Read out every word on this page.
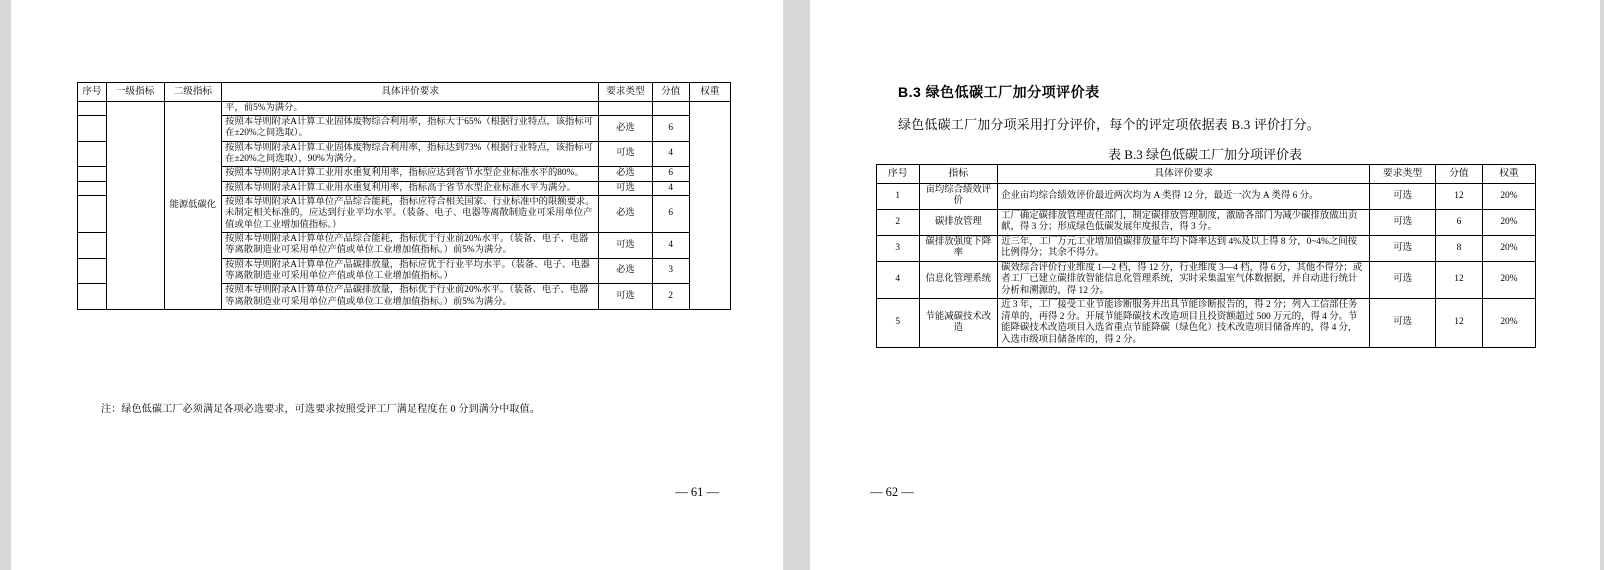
序号	一级指标	二级指标	具体评价要求	要求类型	分值	权重
		能源低碳化	平，前5%为满分。			
			按照本导则附录A计算工业固体废物综合利用率，指标大于65%（根据行业特点，该指标可在±20%之间选取）。	必选	6	
			按照本导则附录A计算工业固体废物综合利用率，指标达到73%（根据行业特点，该指标可在±20%之间选取），90%为满分。	可选	4	
			按照本导则附录A计算工业用水重复利用率，指标应达到省节水型企业标准水平的80%。	必选	6	
			按照本导则附录A计算工业用水重复利用率，指标高于省节水型企业标准水平为满分。	可选	4	
			按照本导则附录A计算单位产品综合能耗，指标应符合相关国家、行业标准中的限额要求。未制定相关标准的，应达到行业平均水平。（装备、电子、电器等离散制造业可采用单位产值或单位工业增加值指标。）	必选	6	
			按照本导则附录A计算单位产品综合能耗，指标优于行业前20%水平。（装备、电子、电器等离散制造业可采用单位产值或单位工业增加值指标。）前5%为满分。	可选	4	
			按照本导则附录A计算单位产品碳排放量，指标应优于行业平均水平。（装备、电子、电器等离散制造业可采用单位产值或单位工业增加值指标。）	必选	3	
			按照本导则附录A计算单位产品碳排放量，指标优于行业前20%水平。（装备、电子、电器等离散制造业可采用单位产值或单位工业增加值指标。）前5%为满分。	可选	2	
注：绿色低碳工厂必须满足各项必选要求，可选要求按照受评工厂满足程度在 0 分到满分中取值。
— 61 —
B.3 绿色低碳工厂加分项评价表
绿色低碳工厂加分项采用打分评价，每个的评定项依据表 B.3 评价打分。
表 B.3 绿色低碳工厂加分项评价表
序号	指标	具体评价要求	要求类型	分值	权重
1	亩均综合绩效评价	企业亩均综合绩效评价最近两次均为 A 类得 12 分，最近一次为 A 类得 6 分。	可选	12	20%
2	碳排放管理	工厂确定碳排放管理责任部门，制定碳排放管理制度，激励各部门为减少碳排放做出贡献，得 3 分；形成绿色低碳发展年度报告，得 3 分。	可选	6	20%
3	碳排放强度下降率	近三年，工厂万元工业增加值碳排放量年均下降率达到 4%及以上得 8 分，0~4%之间按比例得分；其余不得分。	可选	8	20%
4	信息化管理系统	碳效综合评价行业维度 1—2 档，得 12 分，行业维度 3—4 档，得 6 分，其他不得分；或者工厂已建立碳排放智能信息化管理系统，实时采集温室气体数据据，并自动进行统计分析和溯源的，得 12 分。	可选	12	20%
5	节能减碳技术改造	近 3 年，工厂接受工业节能诊断服务并出具节能诊断报告的，得 2 分；列入工信部任务清单的，再得 2 分。开展节能降碳技术改造项目且投资额超过 500 万元的，得 4 分。节能降碳技术改造项目入选省重点节能降碳（绿色化）技术改造项目储备库的，得 4 分，入选市级项目储备库的，得 2 分。	可选	12	20%
— 62 —
